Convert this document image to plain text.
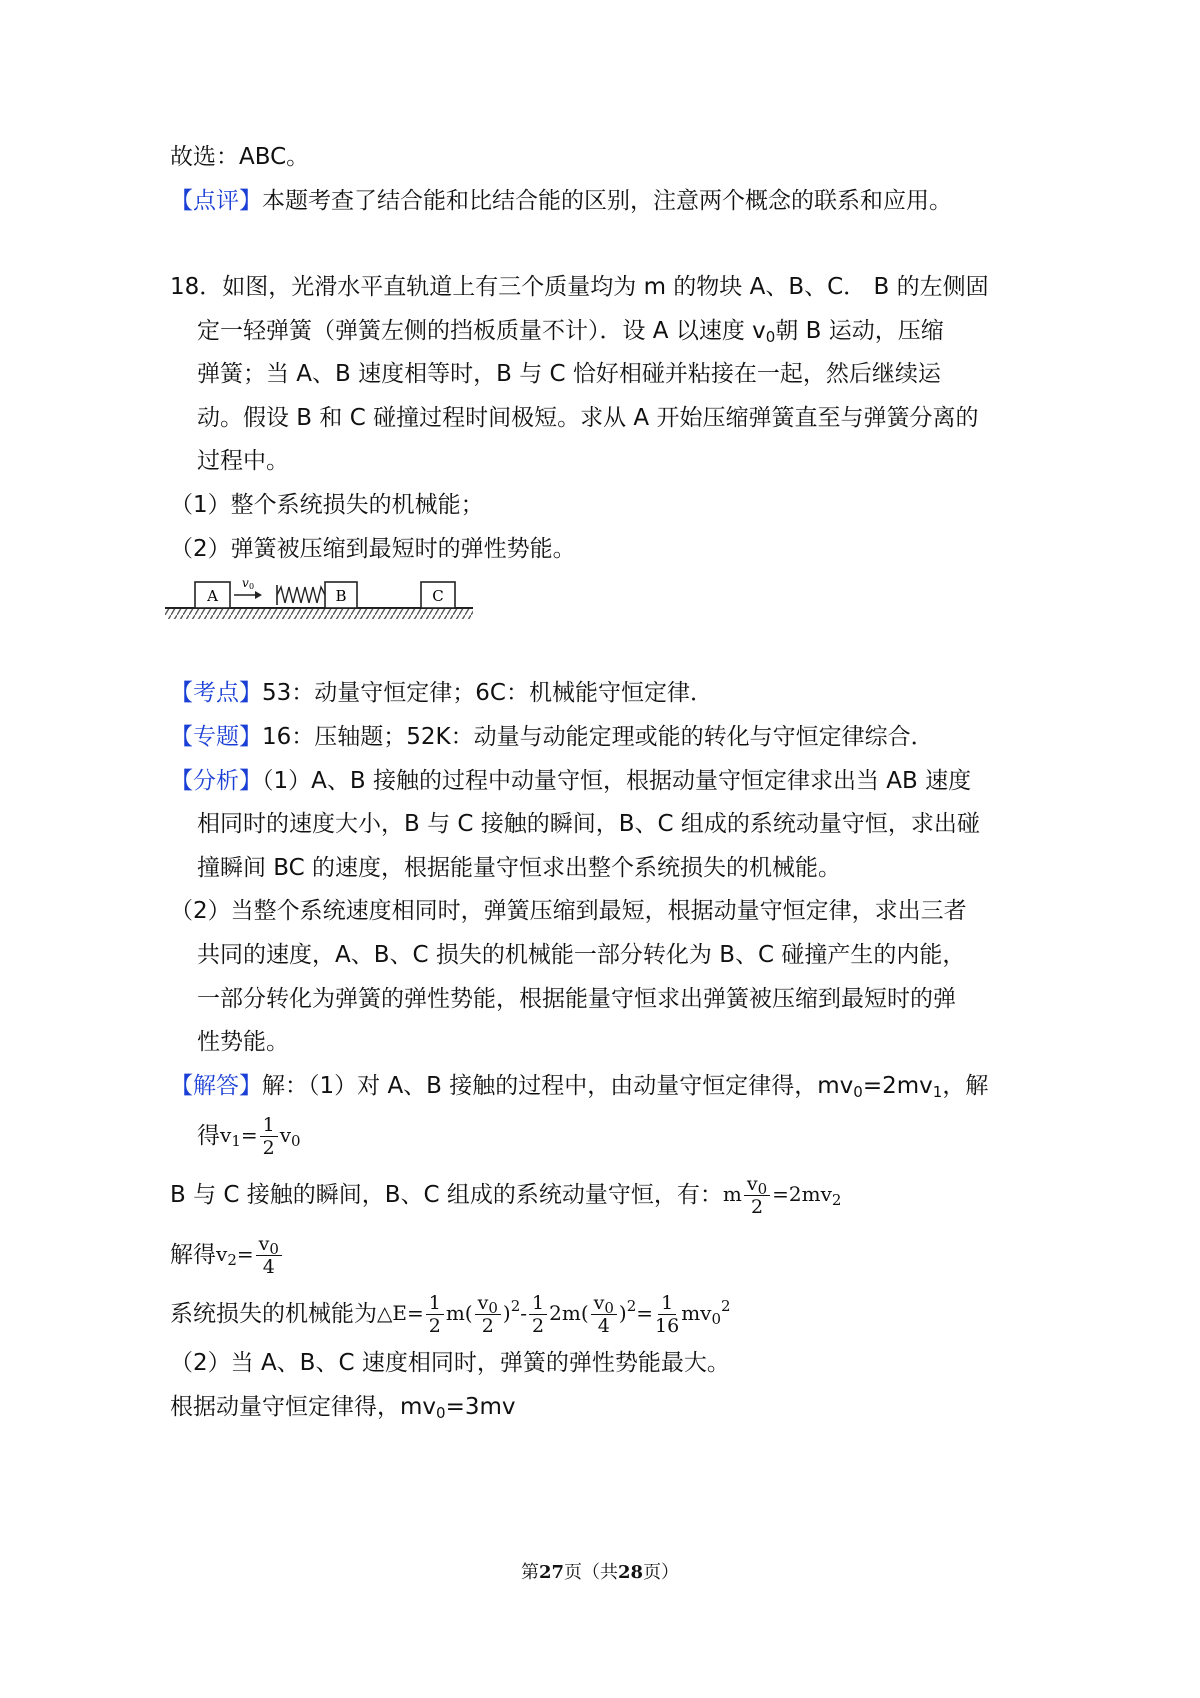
故选：ABC。
【点评】本题考查了结合能和比结合能的区别，注意两个概念的联系和应用。
18．如图，光滑水平直轨道上有三个质量均为 m 的物块 A、B、C． B 的左侧固
定一轻弹簧（弹簧左侧的挡板质量不计）．设 A 以速度 $v_0$朝 B 运动，压缩
弹簧；当 A、B 速度相等时，B 与 C 恰好相碰并粘接在一起，然后继续运
动。假设 B 和 C 碰撞过程时间极短。求从 A 开始压缩弹簧直至与弹簧分离的
过程中。
（1）整个系统损失的机械能；
（2）弹簧被压缩到最短时的弹性势能。
A
v 0
B	C
【考点】53：动量守恒定律；6C：机械能守恒定律．
【专题】16：压轴题；52K：动量与动能定理或能的转化与守恒定律综合．
【分析】（1）A、B 接触的过程中动量守恒，根据动量守恒定律求出当 AB 速度
相同时的速度大小，B 与 C 接触的瞬间，B、C 组成的系统动量守恒，求出碰
撞瞬间 BC 的速度，根据能量守恒求出整个系统损失的机械能。
（2）当整个系统速度相同时，弹簧压缩到最短，根据动量守恒定律，求出三者
共同的速度，A、B、C 损失的机械能一部分转化为 B、C 碰撞产生的内能，
一部分转化为弹簧的弹性势能，根据能量守恒求出弹簧被压缩到最短时的弹
性势能。
【解答】解：（1）对 A、B 接触的过程中，由动量守恒定律得，$mv_0=2mv_1$，解
得 $v_1= \frac{1}{2} v_0$
B 与 C 接触的瞬间，B、C 组成的系统动量守恒，有： m $\frac{v_0}{2} =2mv_2$
解得 $v_2= \frac{v_0}{4}$
系统损失的机械能为 △E= $\frac{1}{2} m( \frac{v_0}{2} )^2- \frac{1}{2} 2m( \frac{v_0}{4} )^2= \frac{1}{16} mv_0^2$
（2）当 A、B、C 速度相同时，弹簧的弹性势能最大。
根据动量守恒定律得，$mv_0=3mv$
第27页（共28页）
